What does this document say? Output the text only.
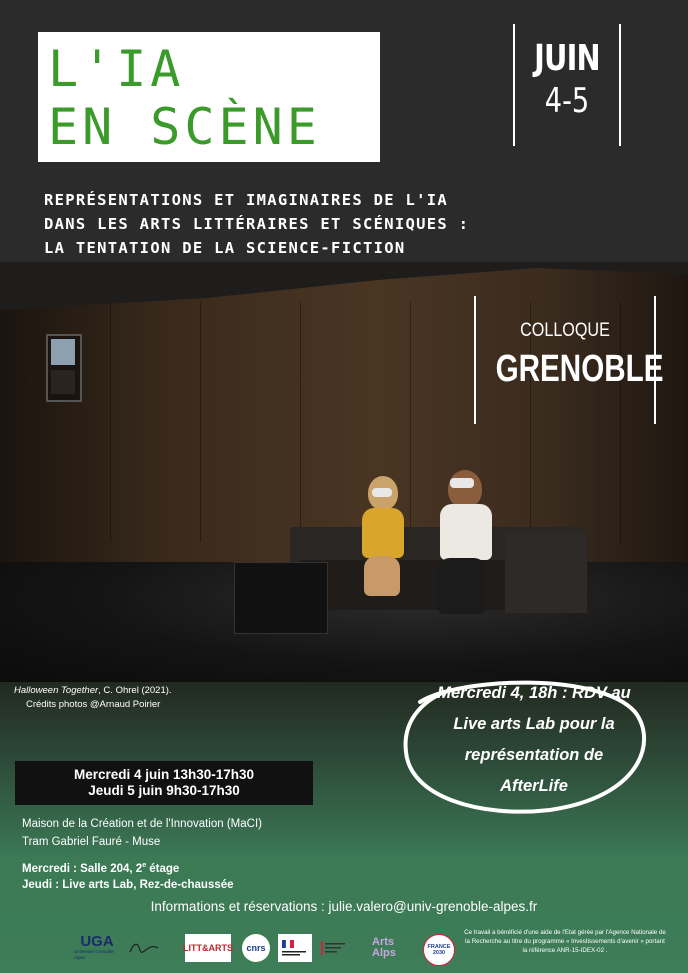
L'IA
EN SCÈNE
JUIN
4-5
REPRÉSENTATIONS ET IMAGINAIRES DE L'IA
DANS LES ARTS LITTÉRAIRES ET SCÉNIQUES :
LA TENTATION DE LA SCIENCE-FICTION
COLLOQUE
GRENOBLE
Halloween Together, C. Ohrel (2021).
Crédits photos @Arnaud Poirier
Mercredi 4, 18h : RDV au
Live arts Lab pour la
représentation de
AfterLife
Mercredi 4 juin 13h30-17h30
Jeudi 5 juin 9h30-17h30
Maison de la Création et de l'Innovation (MaCI)
Tram Gabriel Fauré - Muse
Mercredi : Salle 204, 2e étage
Jeudi : Live arts Lab, Rez-de-chaussée
Informations et réservations : julie.valero@univ-grenoble-alpes.fr
UGA
Université Grenoble Alpes
LITT&ARTS	cnrs	Arts Alps	FRANCE 2030
Ce travail a bénéficié d'une aide de l'Etat gérée par l'Agence Nationale de la Recherche au titre du programme « Investissements d'avenir » portant la référence ANR-15-IDEX-02 .
